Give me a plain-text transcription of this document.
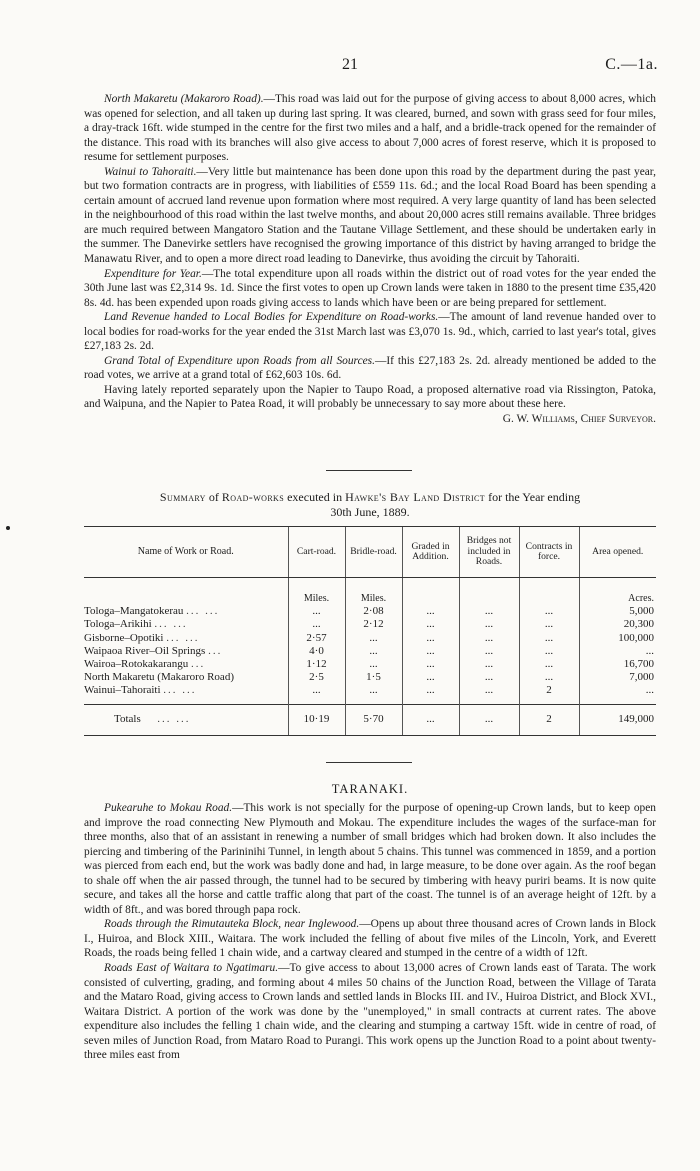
21	C.—1a.

North Makaretu (Makaroro Road).—This road was laid out for the purpose of giving access to about 8,000 acres, which was opened for selection, and all taken up during last spring. It was cleared, burned, and sown with grass seed for four miles, a dray-track 16ft. wide stumped in the centre for the first two miles and a half, and a bridle-track opened for the remainder of the distance. This road with its branches will also give access to about 7,000 acres of forest reserve, which it is proposed to resume for settlement purposes.

Wainui to Tahoraiti.—Very little but maintenance has been done upon this road by the department during the past year, but two formation contracts are in progress, with liabilities of £559 11s. 6d.; and the local Road Board has been spending a certain amount of accrued land revenue upon formation where most required. A very large quantity of land has been selected in the neighbourhood of this road within the last twelve months, and about 20,000 acres still remains available. Three bridges are much required between Mangatoro Station and the Tautane Village Settlement, and these should be undertaken early in the summer. The Danevirke settlers have recognised the growing importance of this district by having arranged to bridge the Manawatu River, and to open a more direct road leading to Danevirke, thus avoiding the circuit by Tahoraiti.

Expenditure for Year.—The total expenditure upon all roads within the district out of road votes for the year ended the 30th June last was £2,314 9s. 1d. Since the first votes to open up Crown lands were taken in 1880 to the present time £35,420 8s. 4d. has been expended upon roads giving access to lands which have been or are being prepared for settlement.

Land Revenue handed to Local Bodies for Expenditure on Road-works.—The amount of land revenue handed over to local bodies for road-works for the year ended the 31st March last was £3,070 1s. 9d., which, carried to last year's total, gives £27,183 2s. 2d.

Grand Total of Expenditure upon Roads from all Sources.—If this £27,183 2s. 2d. already mentioned be added to the road votes, we arrive at a grand total of £62,603 10s. 6d.

Having lately reported separately upon the Napier to Taupo Road, a proposed alternative road via Rissington, Patoka, and Waipuna, and the Napier to Patea Road, it will probably be unnecessary to say more about these here.
G. W. Williams, Chief Surveyor.

Summary of Road-works executed in Hawke's Bay Land District for the Year ending
30th June, 1889.
Name of Work or Road.	Cart-road.	Bridle-road.	Graded in Addition.	Bridges not included in Roads.	Contracts in force.	Area opened.
	Miles.	Miles.				Acres.
Tologa–Mangatokerau ... ...	...	2·08	...	...	...	5,000
Tologa–Arikihi ... ...	...	2·12	...	...	...	20,300
Gisborne–Opotiki ... ...	2·57	...	...	...	...	100,000
Waipaoa River–Oil Springs ...	4·0	...	...	...	...	...
Wairoa–Rotokakarangu ...	1·12	...	...	...	...	16,700
North Makaretu (Makaroro Road)	2·5	1·5	...	...	...	7,000
Wainui–Tahoraiti ... ...	...	...	...	...	2	...
Totals ... ...	10·19	5·70	...	...	2	149,000
TARANAKI.

Pukearuhe to Mokau Road.—This work is not specially for the purpose of opening-up Crown lands, but to keep open and improve the road connecting New Plymouth and Mokau. The expenditure includes the wages of the surface-man for three months, also that of an assistant in renewing a number of small bridges which had broken down. It also includes the piercing and timbering of the Parininihi Tunnel, in length about 5 chains. This tunnel was commenced in 1859, and a portion was pierced from each end, but the work was badly done and had, in large measure, to be done over again. As the roof began to shale off when the air passed through, the tunnel had to be secured by timbering with heavy puriri beams. It is now quite secure, and takes all the horse and cattle traffic along that part of the coast. The tunnel is of an average height of 12ft. by a width of 8ft., and was bored through papa rock.

Roads through the Rimutauteka Block, near Inglewood.—Opens up about three thousand acres of Crown lands in Block I., Huiroa, and Block XIII., Waitara. The work included the felling of about five miles of the Lincoln, York, and Everett Roads, the roads being felled 1 chain wide, and a cartway cleared and stumped in the centre of a width of 12ft.

Roads East of Waitara to Ngatimaru.—To give access to about 13,000 acres of Crown lands east of Tarata. The work consisted of culverting, grading, and forming about 4 miles 50 chains of the Junction Road, between the Village of Tarata and the Mataro Road, giving access to Crown lands and settled lands in Blocks III. and IV., Huiroa District, and Block XVI., Waitara District. A portion of the work was done by the "unemployed," in small contracts at current rates. The above expenditure also includes the felling 1 chain wide, and the clearing and stumping a cartway 15ft. wide in centre of road, of seven miles of Junction Road, from Mataro Road to Purangi. This work opens up the Junction Road to a point about twenty-three miles east from
